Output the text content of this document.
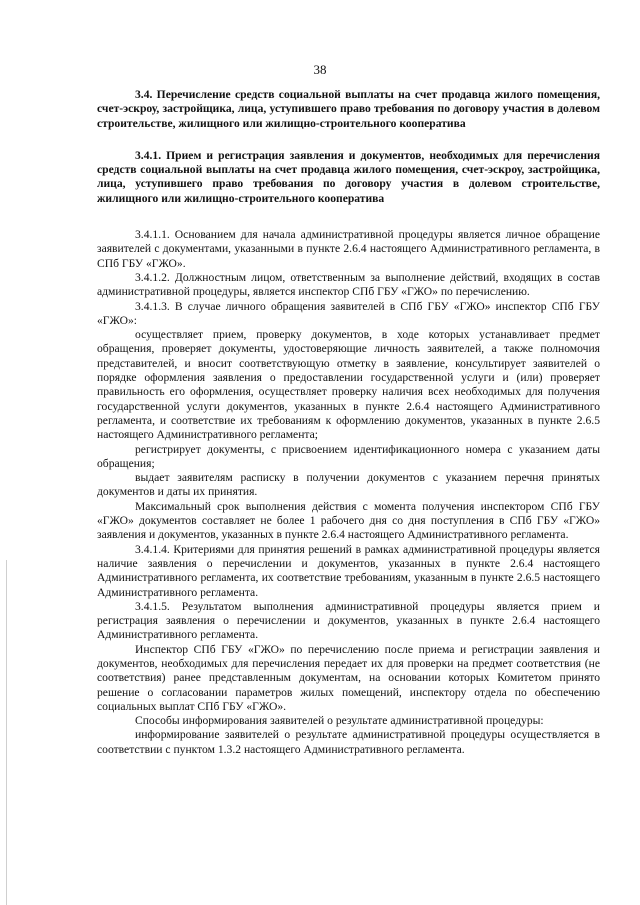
38

3.4. Перечисление средств социальной выплаты на счет продавца жилого помещения, счет-эскроу, застройщика, лица, уступившего право требования по договору участия в долевом строительстве, жилищного или жилищно-строительного кооператива

3.4.1. Прием и регистрация заявления и документов, необходимых для перечисления средств социальной выплаты на счет продавца жилого помещения, счет-эскроу, застройщика, лица, уступившего право требования по договору участия в долевом строительстве, жилищного или жилищно-строительного кооператива

3.4.1.1. Основанием для начала административной процедуры является личное обращение заявителей с документами, указанными в пункте 2.6.4 настоящего Административного регламента, в СПб ГБУ «ГЖО».

3.4.1.2. Должностным лицом, ответственным за выполнение действий, входящих в состав административной процедуры, является инспектор СПб ГБУ «ГЖО» по перечислению.

3.4.1.3. В случае личного обращения заявителей в СПб ГБУ «ГЖО» инспектор СПб ГБУ «ГЖО»:

осуществляет прием, проверку документов, в ходе которых устанавливает предмет обращения, проверяет документы, удостоверяющие личность заявителей, а также полномочия представителей, и вносит соответствующую отметку в заявление, консультирует заявителей о порядке оформления заявления о предоставлении государственной услуги и (или) проверяет правильность его оформления, осуществляет проверку наличия всех необходимых для получения государственной услуги документов, указанных в пункте 2.6.4 настоящего Административного регламента, и соответствие их требованиям к оформлению документов, указанных в пункте 2.6.5 настоящего Административного регламента;

регистрирует документы, с присвоением идентификационного номера с указанием даты обращения;

выдает заявителям расписку в получении документов с указанием перечня принятых документов и даты их принятия.

Максимальный срок выполнения действия с момента получения инспектором СПб ГБУ «ГЖО» документов составляет не более 1 рабочего дня со дня поступления в СПб ГБУ «ГЖО» заявления и документов, указанных в пункте 2.6.4 настоящего Административного регламента.

3.4.1.4. Критериями для принятия решений в рамках административной процедуры является наличие заявления о перечислении и документов, указанных в пункте 2.6.4 настоящего Административного регламента, их соответствие требованиям, указанным в пункте 2.6.5 настоящего Административного регламента.

3.4.1.5. Результатом выполнения административной процедуры является прием и регистрация заявления о перечислении и документов, указанных в пункте 2.6.4 настоящего Административного регламента.

Инспектор СПб ГБУ «ГЖО» по перечислению после приема и регистрации заявления и документов, необходимых для перечисления передает их для проверки на предмет соответствия (не соответствия) ранее представленным документам, на основании которых Комитетом принято решение о согласовании параметров жилых помещений, инспектору отдела по обеспечению социальных выплат СПб ГБУ «ГЖО».

Способы информирования заявителей о результате административной процедуры:

информирование заявителей о результате административной процедуры осуществляется в соответствии с пунктом 1.3.2 настоящего Административного регламента.
